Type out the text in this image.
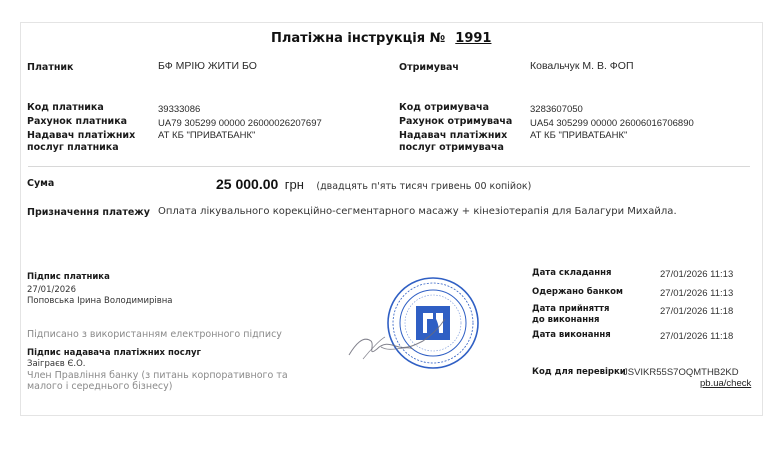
Платіжна інструкція № 1991
Платник	БФ МРІЮ ЖИТИ БО
Код платника	39333086
Рахунок платника	UA79 305299 00000 26000026207697
Надавач платіжних
послуг платника
АТ КБ "ПРИВАТБАНК"
Отримувач	Ковальчук М. В. ФОП
Код отримувача	3283607050
Рахунок отримувача UA54 305299 00000 26006016706890
Надавач платіжних
послуг отримувача
АТ КБ "ПРИВАТБАНК"
Сума	25 000.00 грн (двадцять п'ять тисяч гривень 00 копійок)
Призначення платежу Оплата лікувального корекційно-сегментарного масажу + кінезіотерапія для Балагури Михайла.
Підпис платника
27/01/2026
Поповська Ірина Володимирівна
Підписано з використанням електронного підпису
Підпис надавача платіжних послуг
Заіграєв Є.О.
Член Правління банку (з питань корпоративного та
малого і середнього бізнесу)
Дата складання	27/01/2026 11:13
Одержано банком	27/01/2026 11:13
Дата прийняття
до виконання
27/01/2026 11:18
Дата виконання	27/01/2026 11:18
Код для перевірки
JSVIKR55S7OQMTHB2KD
pb.ua/check
